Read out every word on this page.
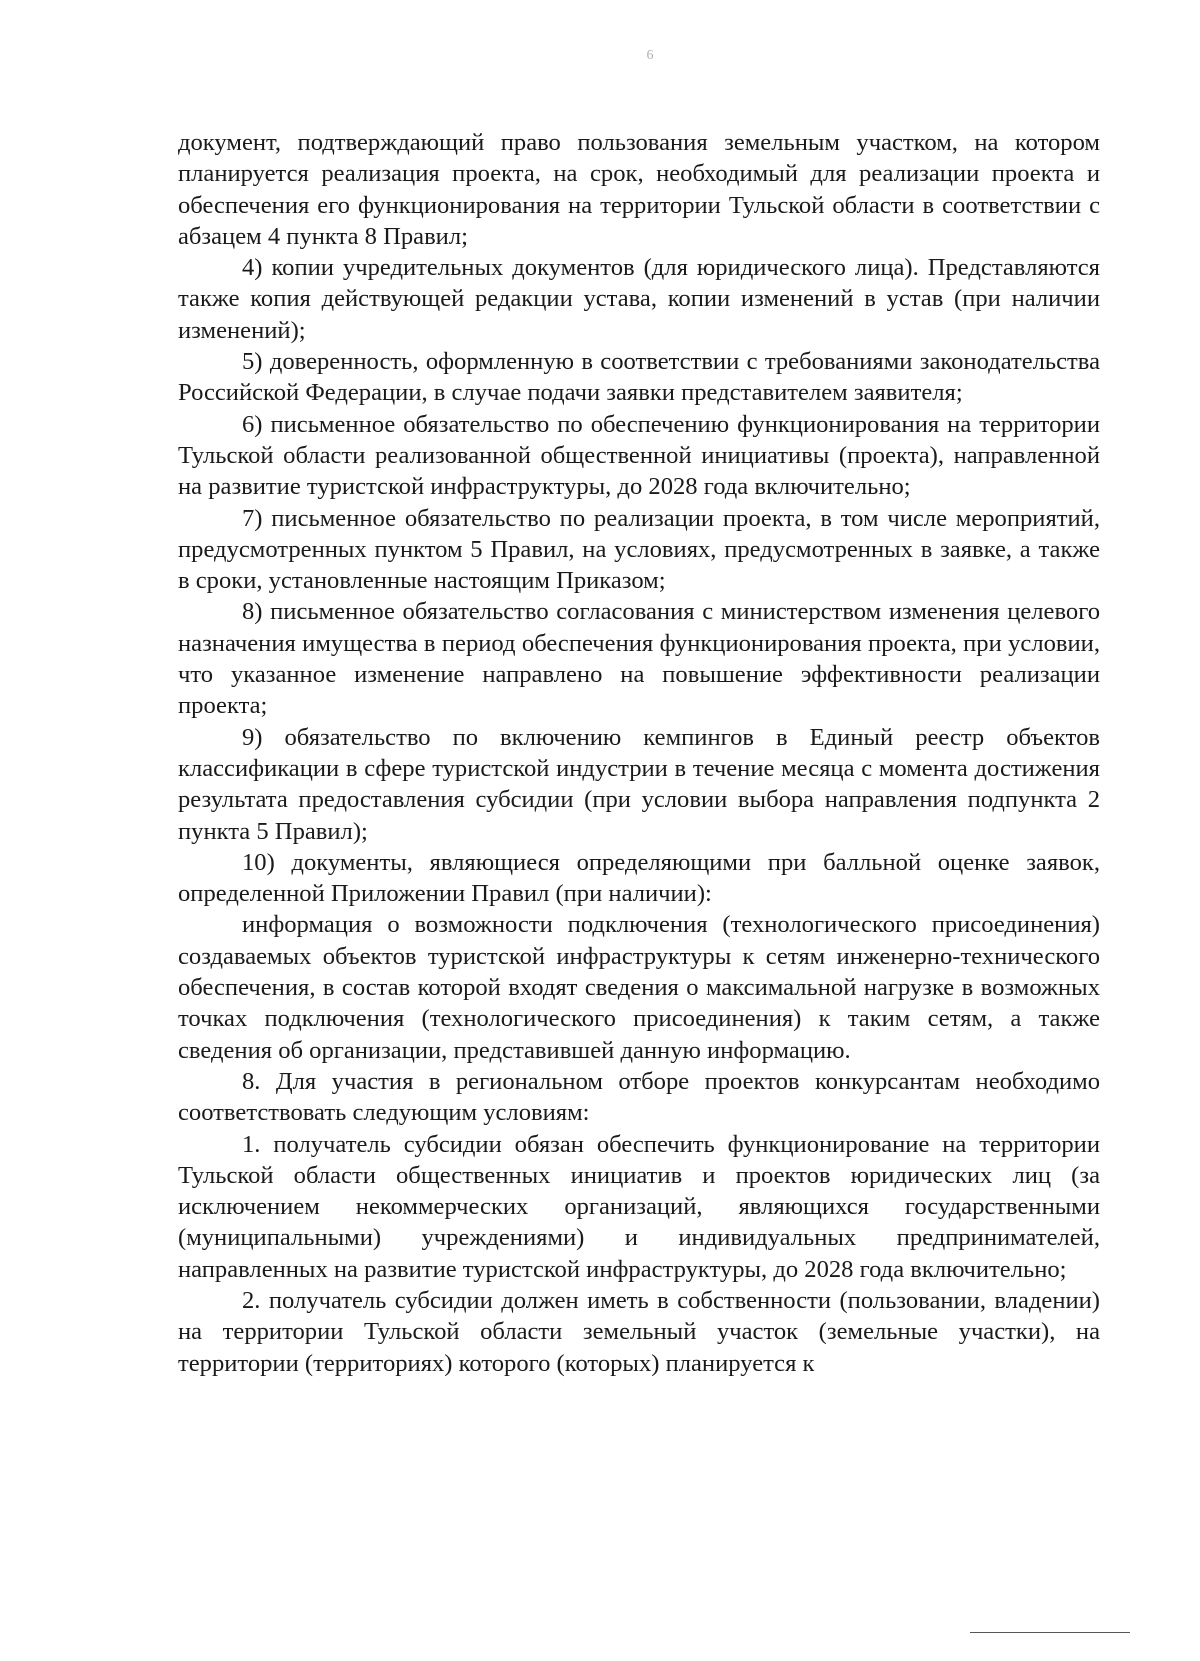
6

документ, подтверждающий право пользования земельным участком, на котором планируется реализация проекта, на срок, необходимый для реализации проекта и обеспечения его функционирования на территории Тульской области в соответствии с абзацем 4 пункта 8 Правил;

4) копии учредительных документов (для юридического лица). Представляются также копия действующей редакции устава, копии изменений в устав (при наличии изменений);

5) доверенность, оформленную в соответствии с требованиями законодательства Российской Федерации, в случае подачи заявки представителем заявителя;

6) письменное обязательство по обеспечению функционирования на территории Тульской области реализованной общественной инициативы (проекта), направленной на развитие туристской инфраструктуры, до 2028 года включительно;

7) письменное обязательство по реализации проекта, в том числе мероприятий, предусмотренных пунктом 5 Правил, на условиях, предусмотренных в заявке, а также в сроки, установленные настоящим Приказом;

8) письменное обязательство согласования с министерством изменения целевого назначения имущества в период обеспечения функционирования проекта, при условии, что указанное изменение направлено на повышение эффективности реализации проекта;

9) обязательство по включению кемпингов в Единый реестр объектов классификации в сфере туристской индустрии в течение месяца с момента достижения результата предоставления субсидии (при условии выбора направления подпункта 2 пункта 5 Правил);

10) документы, являющиеся определяющими при балльной оценке заявок, определенной Приложении Правил (при наличии):

информация о возможности подключения (технологического присоединения) создаваемых объектов туристской инфраструктуры к сетям инженерно-технического обеспечения, в состав которой входят сведения о максимальной нагрузке в возможных точках подключения (технологического присоединения) к таким сетям, а также сведения об организации, представившей данную информацию.

8. Для участия в региональном отборе проектов конкурсантам необходимо соответствовать следующим условиям:

1. получатель субсидии обязан обеспечить функционирование на территории Тульской области общественных инициатив и проектов юридических лиц (за исключением некоммерческих организаций, являющихся государственными (муниципальными) учреждениями) и индивидуальных предпринимателей, направленных на развитие туристской инфраструктуры, до 2028 года включительно;

2. получатель субсидии должен иметь в собственности (пользовании, владении) на территории Тульской области земельный участок (земельные участки), на территории (территориях) которого (которых) планируется к
